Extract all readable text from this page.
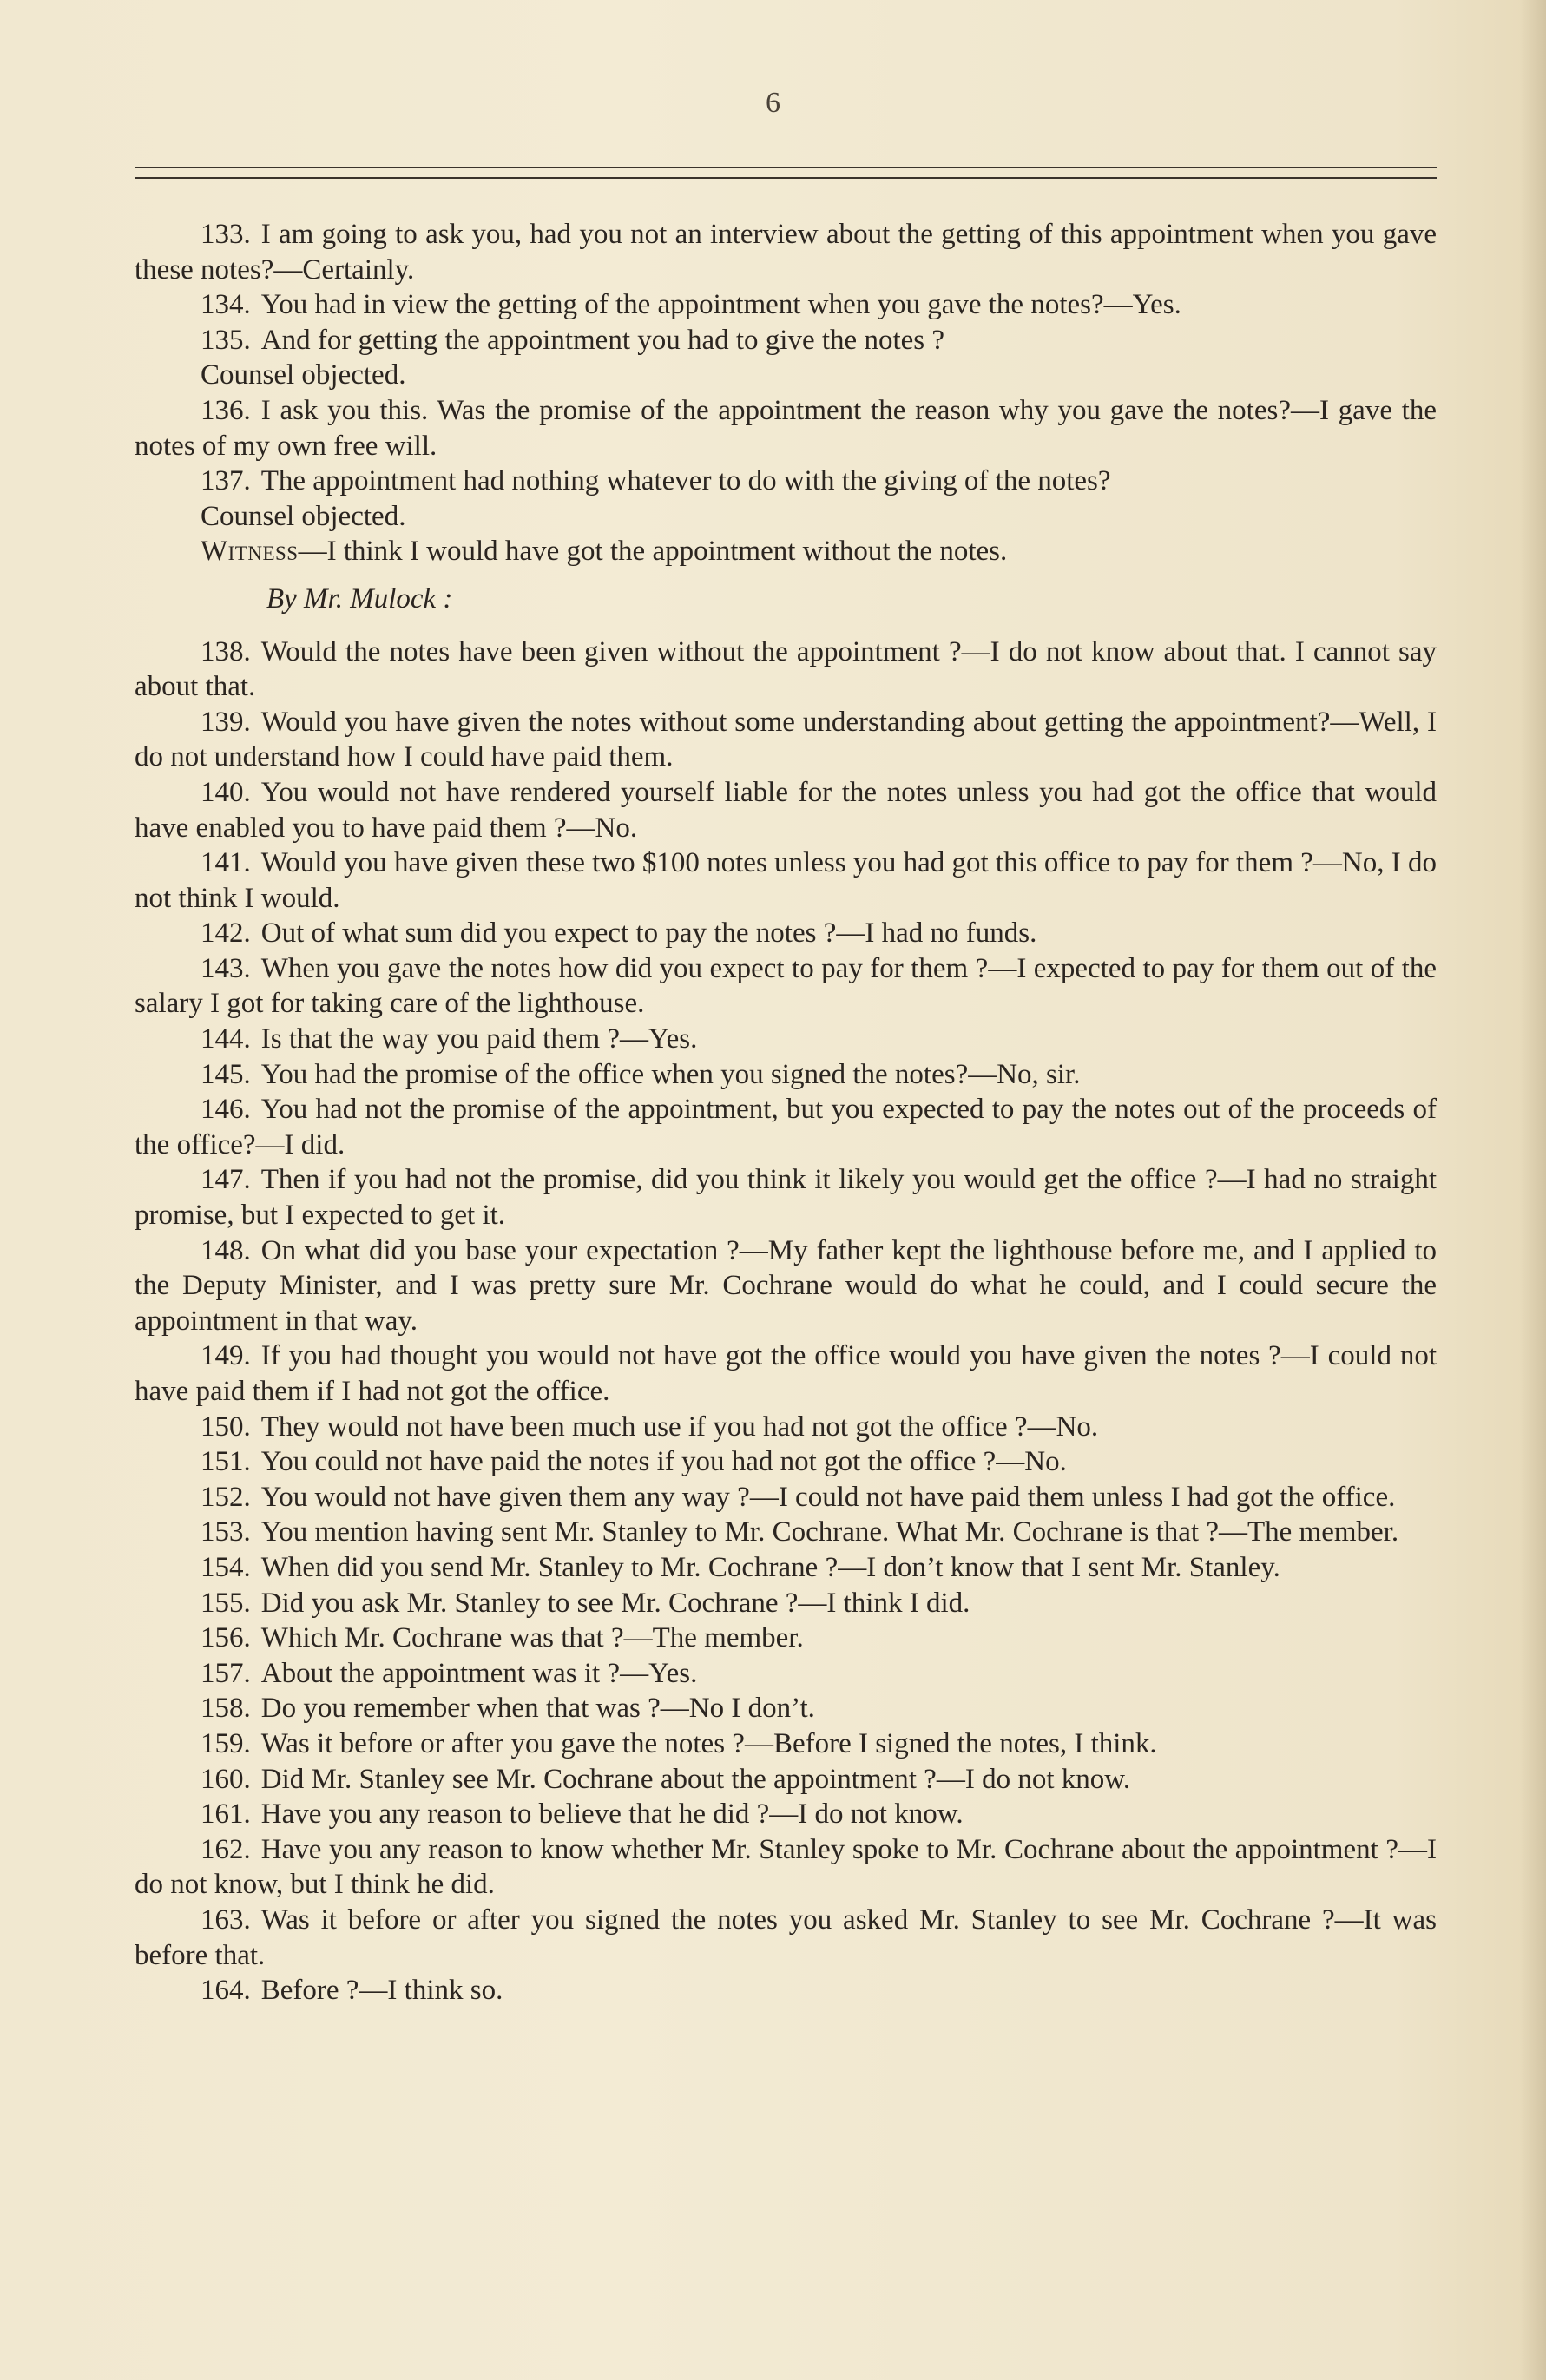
6
133. I am going to ask you, had you not an interview about the getting of this appointment when you gave these notes?—Certainly.
134. You had in view the getting of the appointment when you gave the notes?—Yes.
135. And for getting the appointment you had to give the notes ?
Counsel objected.
136. I ask you this. Was the promise of the appointment the reason why you gave the notes?—I gave the notes of my own free will.
137. The appointment had nothing whatever to do with the giving of the notes?
Counsel objected.
Witness—I think I would have got the appointment without the notes.
By Mr. Mulock :
138. Would the notes have been given without the appointment ?—I do not know about that. I cannot say about that.
139. Would you have given the notes without some understanding about getting the appointment?—Well, I do not understand how I could have paid them.
140. You would not have rendered yourself liable for the notes unless you had got the office that would have enabled you to have paid them ?—No.
141. Would you have given these two $100 notes unless you had got this office to pay for them ?—No, I do not think I would.
142. Out of what sum did you expect to pay the notes ?—I had no funds.
143. When you gave the notes how did you expect to pay for them ?—I expected to pay for them out of the salary I got for taking care of the lighthouse.
144. Is that the way you paid them ?—Yes.
145. You had the promise of the office when you signed the notes?—No, sir.
146. You had not the promise of the appointment, but you expected to pay the notes out of the proceeds of the office?—I did.
147. Then if you had not the promise, did you think it likely you would get the office ?—I had no straight promise, but I expected to get it.
148. On what did you base your expectation ?—My father kept the lighthouse before me, and I applied to the Deputy Minister, and I was pretty sure Mr. Cochrane would do what he could, and I could secure the appointment in that way.
149. If you had thought you would not have got the office would you have given the notes ?—I could not have paid them if I had not got the office.
150. They would not have been much use if you had not got the office ?—No.
151. You could not have paid the notes if you had not got the office ?—No.
152. You would not have given them any way ?—I could not have paid them unless I had got the office.
153. You mention having sent Mr. Stanley to Mr. Cochrane. What Mr. Cochrane is that ?—The member.
154. When did you send Mr. Stanley to Mr. Cochrane ?—I don’t know that I sent Mr. Stanley.
155. Did you ask Mr. Stanley to see Mr. Cochrane ?—I think I did.
156. Which Mr. Cochrane was that ?—The member.
157. About the appointment was it ?—Yes.
158. Do you remember when that was ?—No I don’t.
159. Was it before or after you gave the notes ?—Before I signed the notes, I think.
160. Did Mr. Stanley see Mr. Cochrane about the appointment ?—I do not know.
161. Have you any reason to believe that he did ?—I do not know.
162. Have you any reason to know whether Mr. Stanley spoke to Mr. Cochrane about the appointment ?—I do not know, but I think he did.
163. Was it before or after you signed the notes you asked Mr. Stanley to see Mr. Cochrane ?—It was before that.
164. Before ?—I think so.
